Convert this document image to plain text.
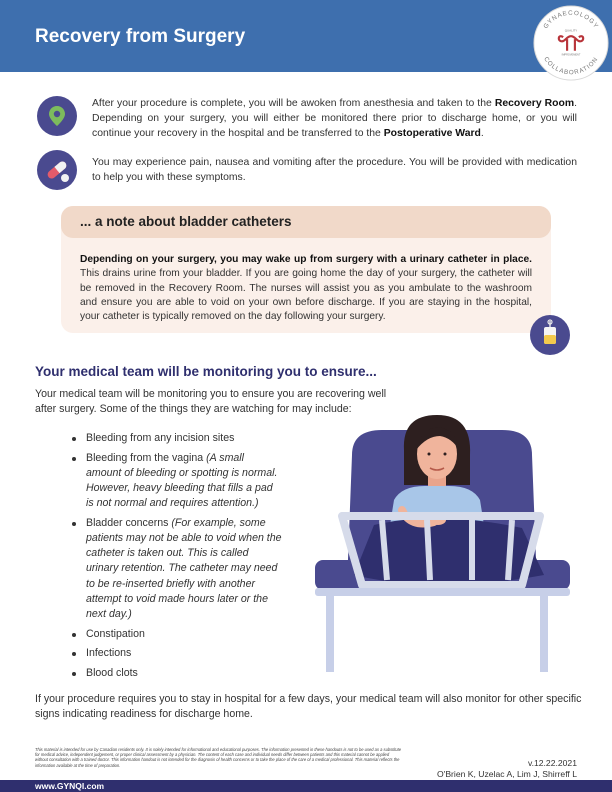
Recovery from Surgery
GYNAECOLOGY
COLLABORATION
QUALITY
IMPROVEMENT

After your procedure is complete, you will be awoken from anesthesia and taken to the Recovery Room. Depending on your surgery, you will either be monitored there prior to discharge home, or you will continue your recovery in the hospital and be transferred to the Postoperative Ward.

You may experience pain, nausea and vomiting after the procedure. You will be provided with medication to help you with these symptoms.

... a note about bladder catheters

Depending on your surgery, you may wake up from surgery with a urinary catheter in place. This drains urine from your bladder. If you are going home the day of your surgery, the catheter will be removed in the Recovery Room. The nurses will assist you as you ambulate to the washroom and ensure you are able to void on your own before discharge. If you are staying in the hospital, your catheter is typically removed on the day following your surgery.

Your medical team will be monitoring you to ensure...

Your medical team will be monitoring you to ensure you are recovering well after surgery. Some of the things they are watching for may include:

Bleeding from any incision sites
Bleeding from the vagina (A small amount of bleeding or spotting is normal. However, heavy bleeding that fills a pad is not normal and requires attention.)
Bladder concerns (For example, some patients may not be able to void when the catheter is taken out. This is called urinary retention. The catheter may need to be re-inserted briefly with another attempt to void made hours later or the next day.)
Constipation
Infections
Blood clots

If your procedure requires you to stay in hospital for a few days, your medical team will also monitor for other specific signs indicating readiness for discharge home.

This material is intended for use by Canadian residents only. It is solely intended for informational and educational purposes. The information presented in these handouts is not to be used as a substitute for medical advice, independent judgement, or proper clinical assessment by a physician. The content of each case and individual needs differ between patients and this material cannot be applied without consultation with a trained doctor. This information handout is not intended for the diagnosis of health concerns or to take the place of the care of a medical professional. This material reflects the information available at the time of preparation.	v.12.22.2021
O'Brien K, Uzelac A, Lim J, Shirreff L
www.GYNQI.com
